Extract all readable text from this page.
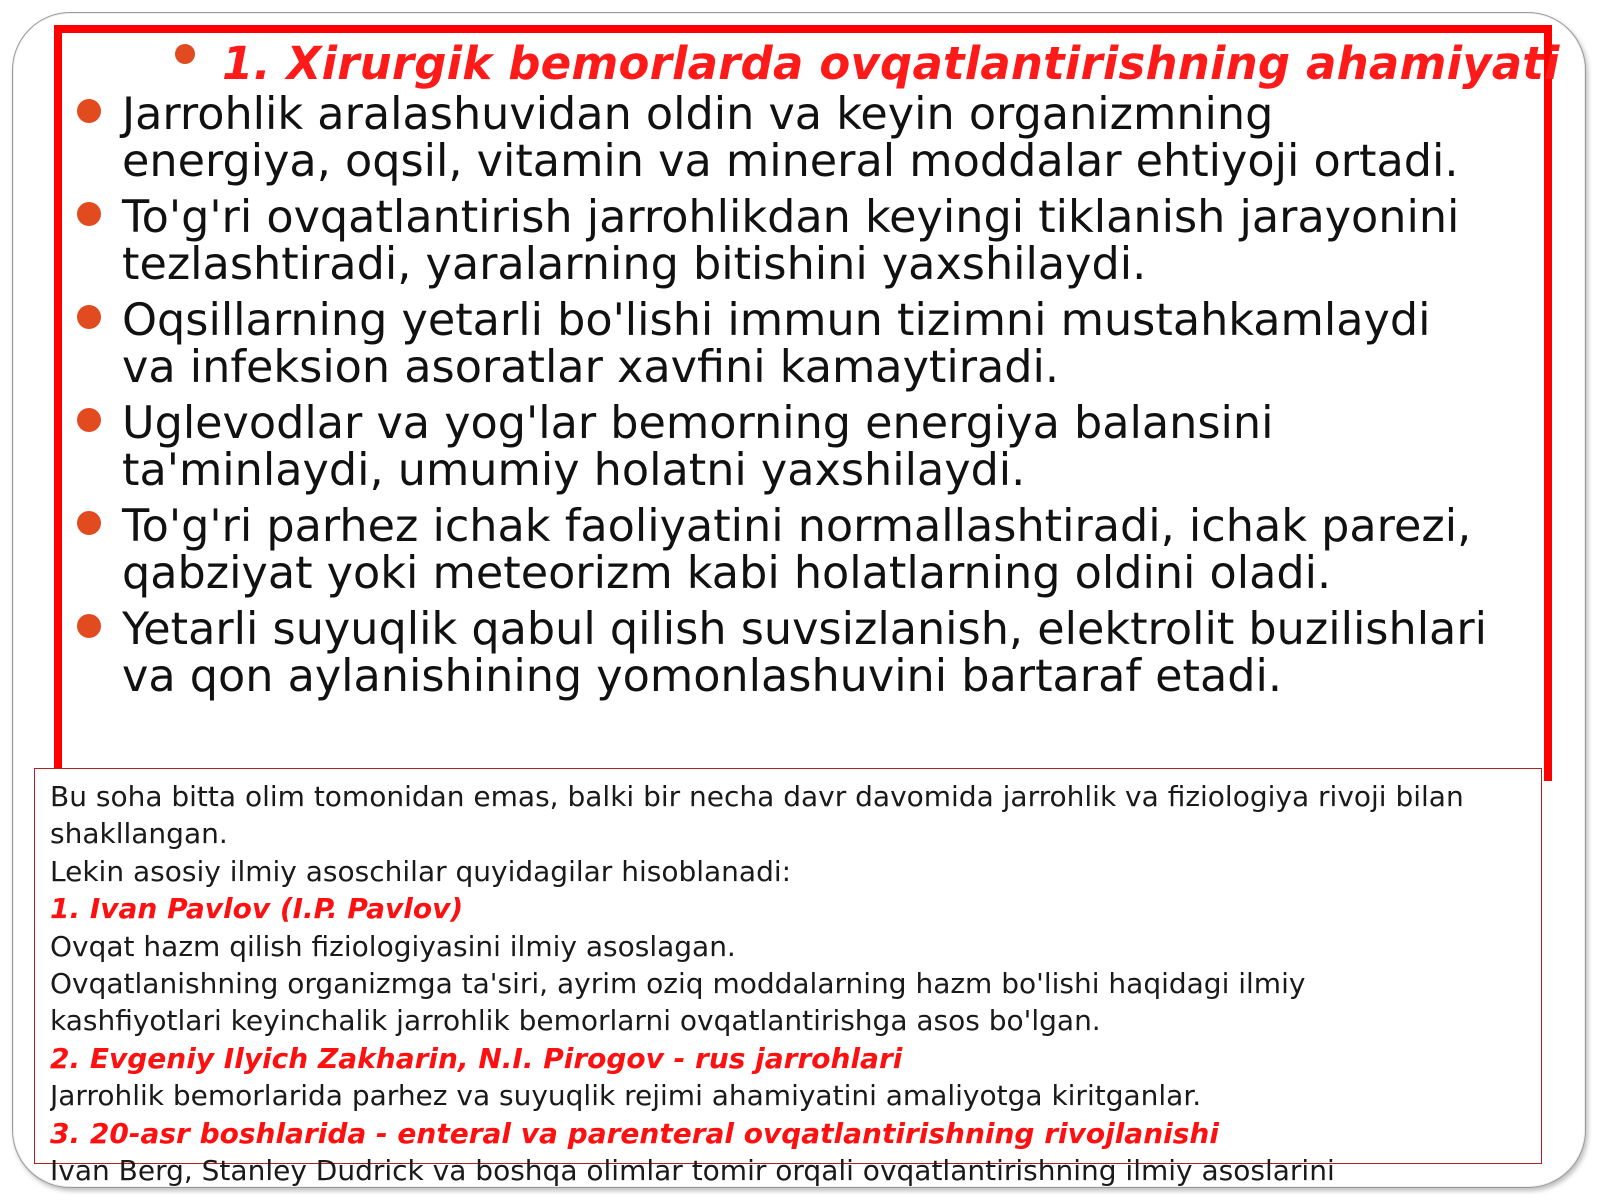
1. Xirurgik bemorlarda ovqatlantirishning ahamiyati
Jarrohlik aralashuvidan oldin va keyin organizmning
energiya, oqsil, vitamin va mineral moddalar ehtiyoji ortadi.
To'g'ri ovqatlantirish jarrohlikdan keyingi tiklanish jarayonini
tezlashtiradi, yaralarning bitishini yaxshilaydi.
Oqsillarning yetarli bo'lishi immun tizimni mustahkamlaydi
va infeksion asoratlar xavfini kamaytiradi.
Uglevodlar va yog'lar bemorning energiya balansini
ta'minlaydi, umumiy holatni yaxshilaydi.
To'g'ri parhez ichak faoliyatini normallashtiradi, ichak parezi,
qabziyat yoki meteorizm kabi holatlarning oldini oladi.
Yetarli suyuqlik qabul qilish suvsizlanish, elektrolit buzilishlari
va qon aylanishining yomonlashuvini bartaraf etadi.
Bu soha bitta olim tomonidan emas, balki bir necha davr davomida jarrohlik va fiziologiya rivoji bilan
shakllangan.
Lekin asosiy ilmiy asoschilar quyidagilar hisoblanadi:
1. Ivan Pavlov (I.P. Pavlov)
Ovqat hazm qilish fiziologiyasini ilmiy asoslagan.
Ovqatlanishning organizmga ta'siri, ayrim oziq moddalarning hazm bo'lishi haqidagi ilmiy
kashfiyotlari keyinchalik jarrohlik bemorlarni ovqatlantirishga asos bo'lgan.
2. Evgeniy Ilyich Zakharin, N.I. Pirogov - rus jarrohlari
Jarrohlik bemorlarida parhez va suyuqlik rejimi ahamiyatini amaliyotga kiritganlar.
3. 20-asr boshlarida - enteral va parenteral ovqatlantirishning rivojlanishi
Ivan Berg, Stanley Dudrick va boshqa olimlar tomir orqali ovqatlantirishning ilmiy asoslarini
